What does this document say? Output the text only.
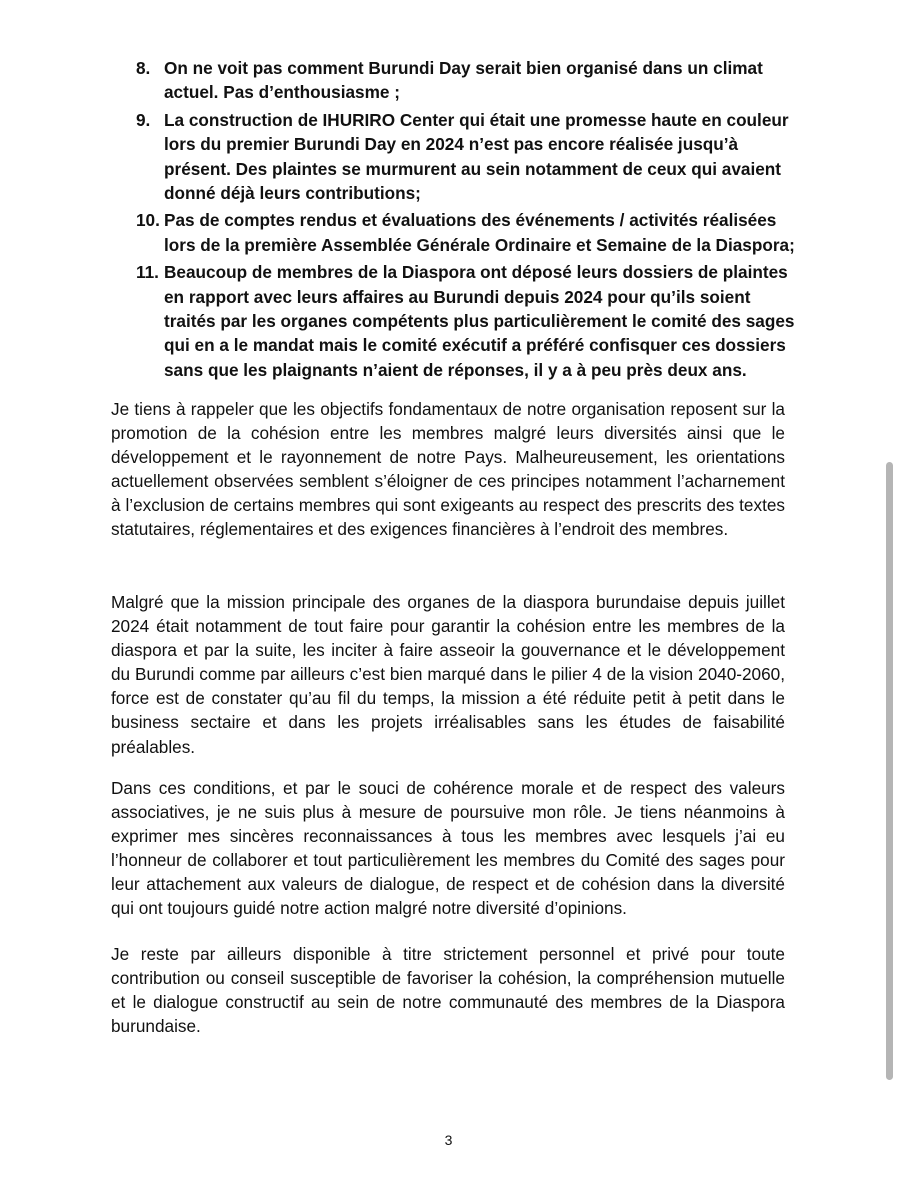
8. On ne voit pas comment Burundi Day serait bien organisé dans un climat actuel. Pas d’enthousiasme ;
9. La construction de IHURIRO Center qui était une promesse haute en couleur lors du premier Burundi Day en 2024 n’est pas encore réalisée jusqu’à présent. Des plaintes se murmurent au sein notamment de ceux qui avaient donné déjà leurs contributions;
10. Pas de comptes rendus et évaluations des événements / activités réalisées lors de la première Assemblée Générale Ordinaire et Semaine de la Diaspora;
11. Beaucoup de membres de la Diaspora ont déposé leurs dossiers de plaintes en rapport avec leurs affaires au Burundi depuis 2024 pour qu’ils soient traités par les organes compétents plus particulièrement le comité des sages qui en a le mandat mais le comité exécutif a préféré confisquer ces dossiers sans que les plaignants n’aient de réponses, il y a à peu près deux ans.

Je tiens à rappeler que les objectifs fondamentaux de notre organisation reposent sur la promotion de la cohésion entre les membres malgré leurs diversités ainsi que le développement et le rayonnement de notre Pays. Malheureusement, les orientations actuellement observées semblent s’éloigner de ces principes notamment l’acharnement à l’exclusion de certains membres qui sont exigeants au respect des prescrits des textes statutaires, réglementaires et des exigences financières à l’endroit des membres.

Malgré que la mission principale des organes de la diaspora burundaise depuis juillet 2024 était notamment de tout faire pour garantir la cohésion entre les membres de la diaspora et par la suite, les inciter à faire asseoir la gouvernance et le développement du Burundi comme par ailleurs c’est bien marqué dans le pilier 4 de la vision 2040-2060, force est de constater qu’au fil du temps, la mission a été réduite petit à petit dans le business sectaire et dans les projets irréalisables sans les études de faisabilité préalables.

Dans ces conditions, et par le souci de cohérence morale et de respect des valeurs associatives, je ne suis plus à mesure de poursuive mon rôle. Je tiens néanmoins à exprimer mes sincères reconnaissances à tous les membres avec lesquels j’ai eu l’honneur de collaborer et tout particulièrement les membres du Comité des sages pour leur attachement aux valeurs de dialogue, de respect et de cohésion dans la diversité qui ont toujours guidé notre action malgré notre diversité d’opinions.

Je reste par ailleurs disponible à titre strictement personnel et privé pour toute contribution ou conseil susceptible de favoriser la cohésion, la compréhension mutuelle et le dialogue constructif au sein de notre communauté des membres de la Diaspora burundaise.

3
